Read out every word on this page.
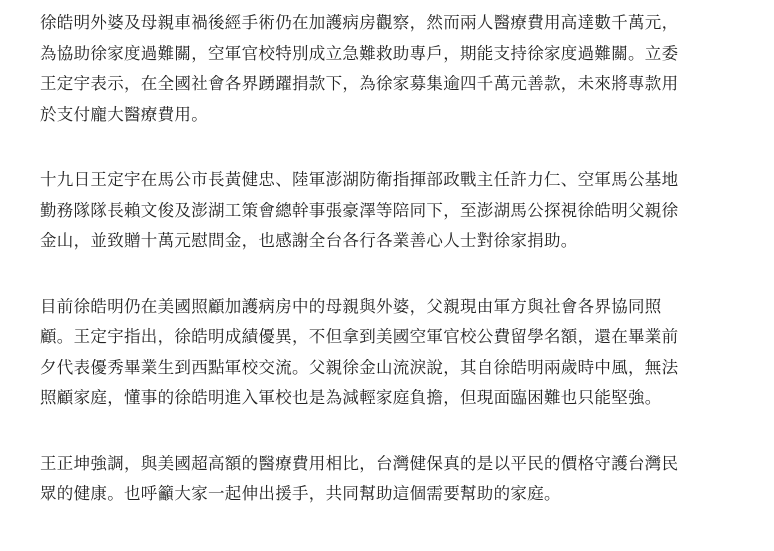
徐皓明外婆及母親車禍後經手術仍在加護病房觀察，然而兩人醫療費用高達數千萬元，
為協助徐家度過難關，空軍官校特別成立急難救助專戶，期能支持徐家度過難關。立委
王定宇表示，在全國社會各界踴躍捐款下，為徐家募集逾四千萬元善款，未來將專款用
於支付龐大醫療費用。

十九日王定宇在馬公市長黃健忠、陸軍澎湖防衛指揮部政戰主任許力仁、空軍馬公基地
勤務隊隊長賴文俊及澎湖工策會總幹事張豪澤等陪同下，至澎湖馬公探視徐皓明父親徐
金山，並致贈十萬元慰問金，也感謝全台各行各業善心人士對徐家捐助。

目前徐皓明仍在美國照顧加護病房中的母親與外婆，父親現由軍方與社會各界協同照
顧。王定宇指出，徐皓明成績優異，不但拿到美國空軍官校公費留學名額，還在畢業前
夕代表優秀畢業生到西點軍校交流。父親徐金山流淚說，其自徐皓明兩歲時中風，無法
照顧家庭，懂事的徐皓明進入軍校也是為減輕家庭負擔，但現面臨困難也只能堅強。

王正坤強調，與美國超高額的醫療費用相比，台灣健保真的是以平民的價格守護台灣民
眾的健康。也呼籲大家一起伸出援手，共同幫助這個需要幫助的家庭。
